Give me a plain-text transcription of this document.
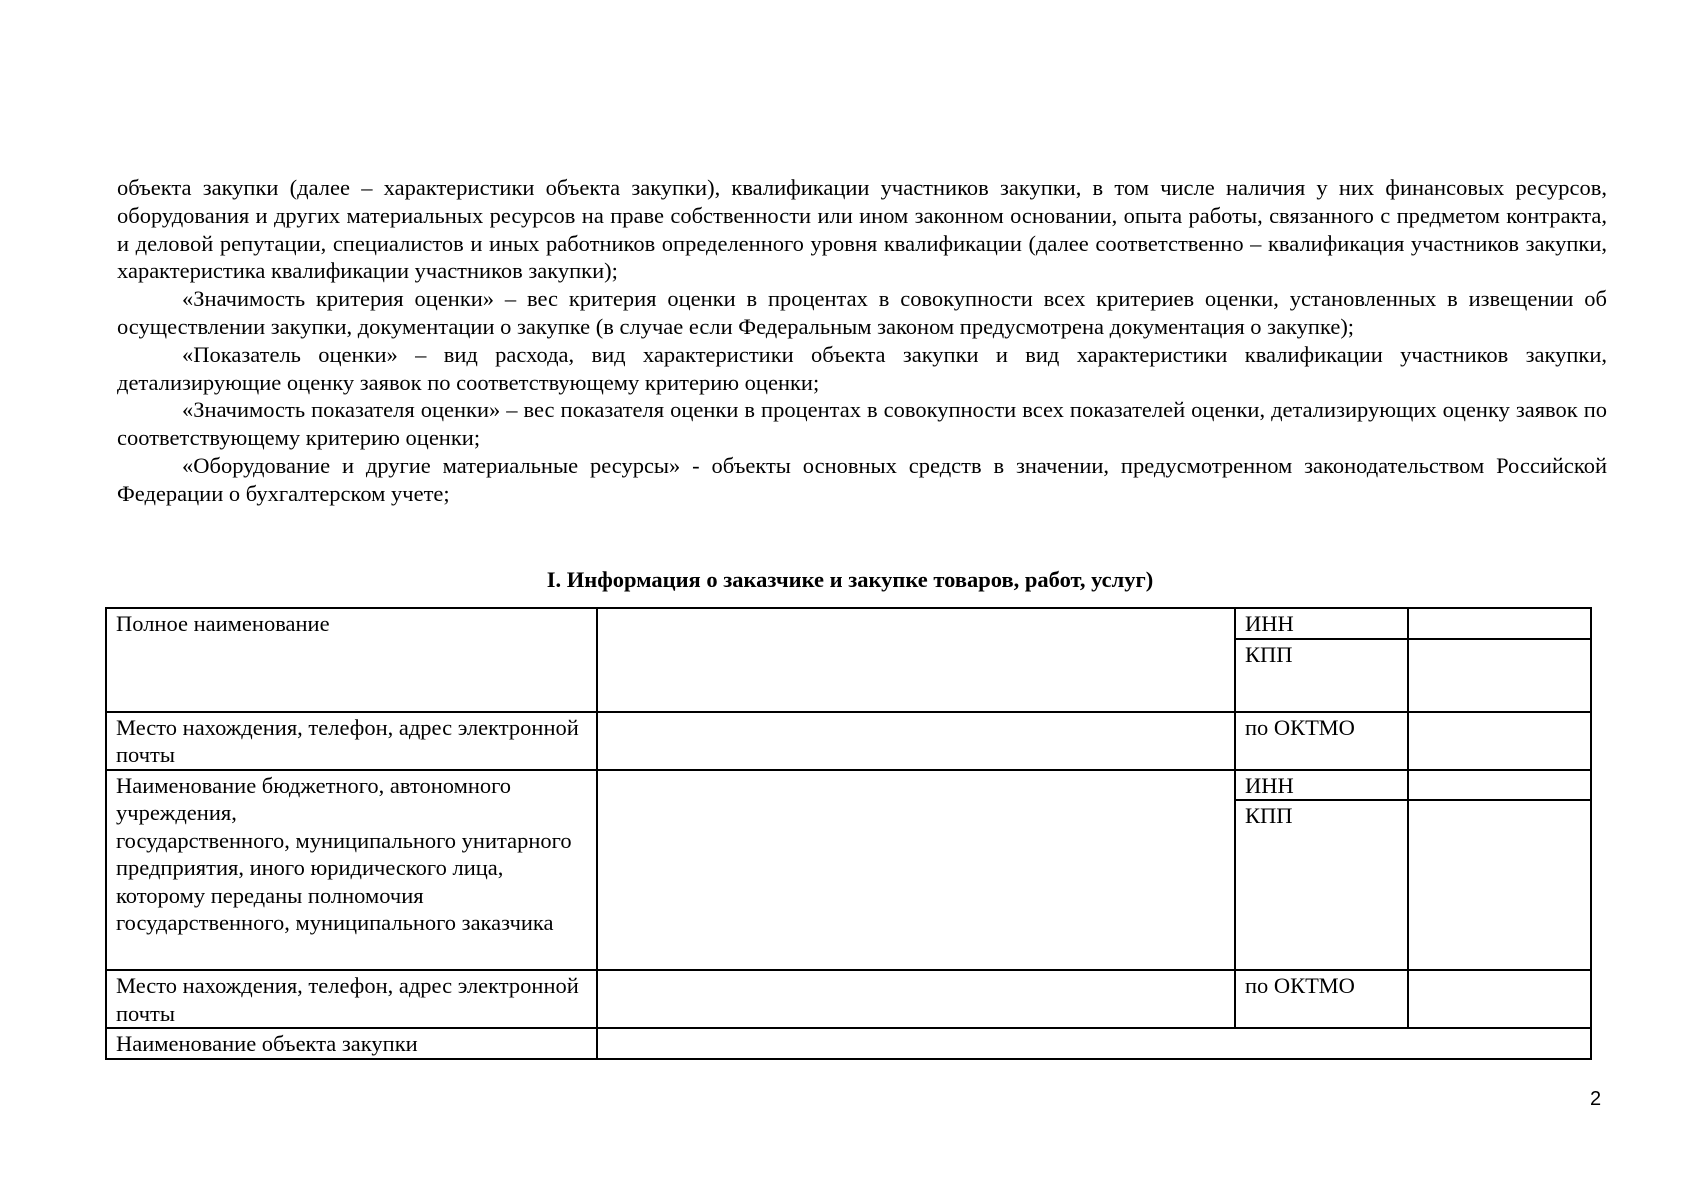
объекта закупки (далее – характеристики объекта закупки), квалификации участников закупки, в том числе наличия у них финансовых ресурсов, оборудования и других материальных ресурсов на праве собственности или ином законном основании, опыта работы, связанного с предметом контракта, и деловой репутации, специалистов и иных работников определенного уровня квалификации (далее соответственно – квалификация участников закупки, характеристика квалификации участников закупки);

«Значимость критерия оценки» – вес критерия оценки в процентах в совокупности всех критериев оценки, установленных в извещении об осуществлении закупки, документации о закупке (в случае если Федеральным законом предусмотрена документация о закупке);

«Показатель оценки» – вид расхода, вид характеристики объекта закупки и вид характеристики квалификации участников закупки, детализирующие оценку заявок по соответствующему критерию оценки;

«Значимость показателя оценки» – вес показателя оценки в процентах в совокупности всех показателей оценки, детализирующих оценку заявок по соответствующему критерию оценки;

«Оборудование и другие материальные ресурсы» - объекты основных средств в значении, предусмотренном законодательством Российской Федерации о бухгалтерском учете;

I. Информация о заказчике и закупке товаров, работ, услуг)
Полное наименование		ИНН	
		КПП	
Место нахождения, телефон, адрес электронной почты		по ОКТМО	
Наименование бюджетного, автономного учреждения,
государственного, муниципального унитарного предприятия, иного юридического лица, которому переданы полномочия государственного, муниципального заказчика		ИНН	
		КПП	
Место нахождения, телефон, адрес электронной почты		по ОКТМО	
Наименование объекта закупки			
2
